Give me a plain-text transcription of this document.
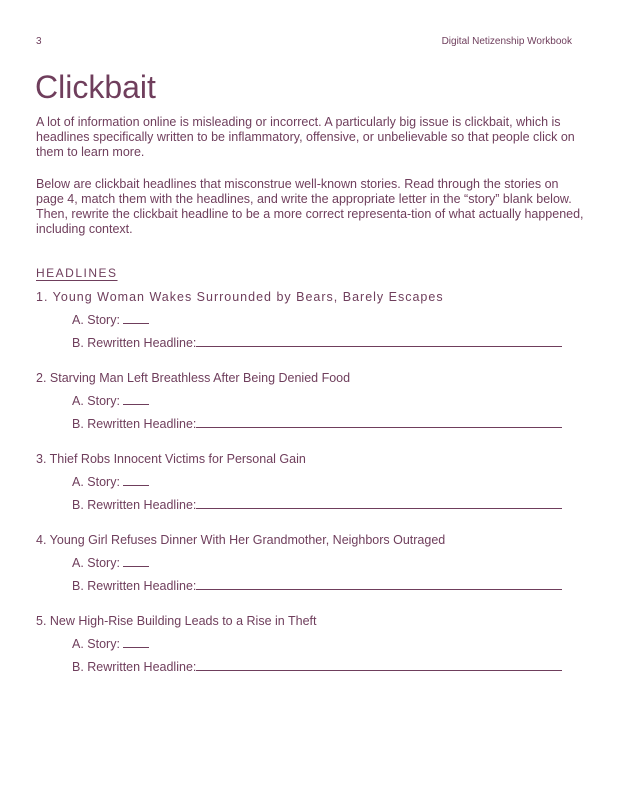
3	Digital Netizenship Workbook
Clickbait

A lot of information online is misleading or incorrect. A particularly big issue is clickbait, which is headlines specifically written to be inflammatory, offensive, or unbelievable so that people click on them to learn more.

Below are clickbait headlines that misconstrue well-known stories. Read through the stories on page 4, match them with the headlines, and write the appropriate letter in the “story” blank below. Then, rewrite the clickbait headline to be a more correct representa-tion of what actually happened, including context.

HEADLINES
1. Young Woman Wakes Surrounded by Bears, Barely Escapes
A. Story:
B. Rewritten Headline:
2. Starving Man Left Breathless After Being Denied Food
A. Story:
B. Rewritten Headline:
3. Thief Robs Innocent Victims for Personal Gain
A. Story:
B. Rewritten Headline:
4. Young Girl Refuses Dinner With Her Grandmother, Neighbors Outraged
A. Story:
B. Rewritten Headline:
5. New High-Rise Building Leads to a Rise in Theft
A. Story:
B. Rewritten Headline:
